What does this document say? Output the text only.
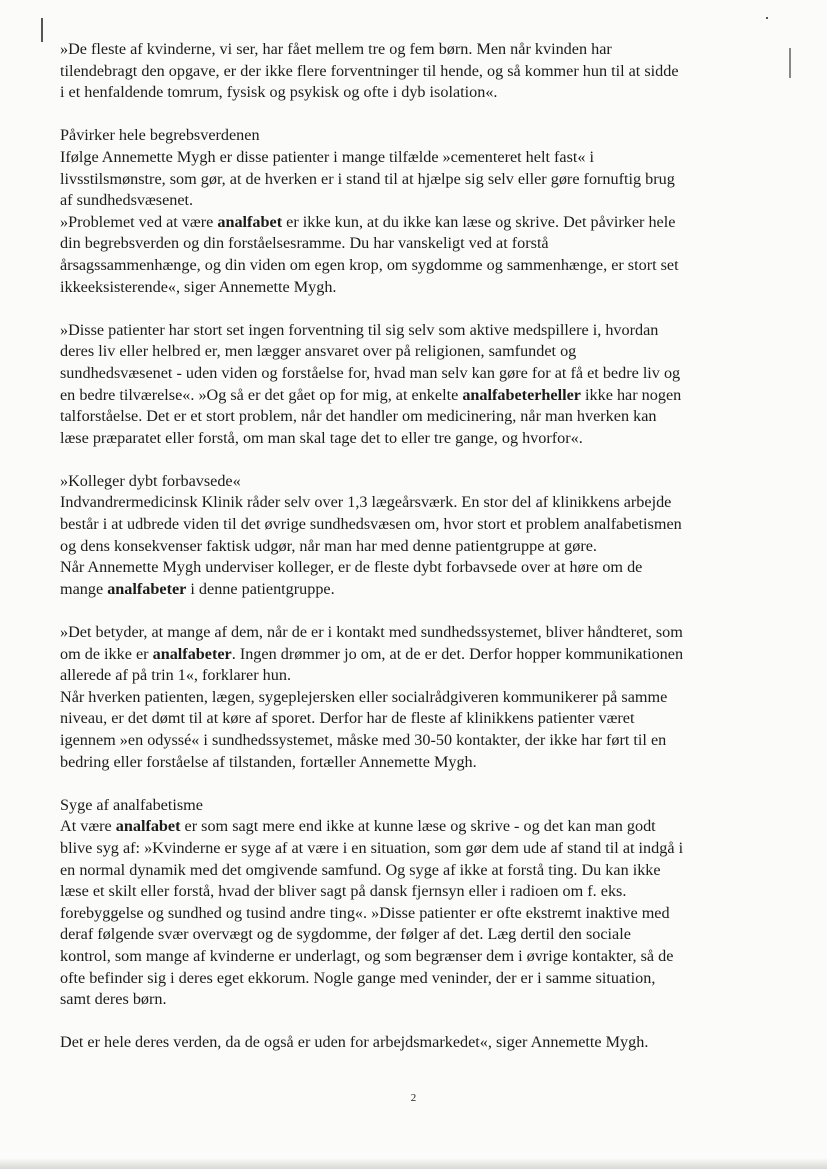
»De fleste af kvinderne, vi ser, har fået mellem tre og fem børn. Men når kvinden har
tilendebragt den opgave, er der ikke flere forventninger til hende, og så kommer hun til at sidde
i et henfaldende tomrum, fysisk og psykisk og ofte i dyb isolation«.
Påvirker hele begrebsverdenen
Ifølge Annemette Mygh er disse patienter i mange tilfælde »cementeret helt fast« i
livsstilsmønstre, som gør, at de hverken er i stand til at hjælpe sig selv eller gøre fornuftig brug
af sundhedsvæsenet.
»Problemet ved at være analfabet er ikke kun, at du ikke kan læse og skrive. Det påvirker hele
din begrebsverden og din forståelsesramme. Du har vanskeligt ved at forstå
årsagssammenhænge, og din viden om egen krop, om sygdomme og sammenhænge, er stort set
ikkeeksisterende«, siger Annemette Mygh.
»Disse patienter har stort set ingen forventning til sig selv som aktive medspillere i, hvordan
deres liv eller helbred er, men lægger ansvaret over på religionen, samfundet og
sundhedsvæsenet - uden viden og forståelse for, hvad man selv kan gøre for at få et bedre liv og
en bedre tilværelse«. »Og så er det gået op for mig, at enkelte analfabeterheller ikke har nogen
talforståelse. Det er et stort problem, når det handler om medicinering, når man hverken kan
læse præparatet eller forstå, om man skal tage det to eller tre gange, og hvorfor«.
»Kolleger dybt forbavsede«
Indvandrermedicinsk Klinik råder selv over 1,3 lægeårsværk. En stor del af klinikkens arbejde
består i at udbrede viden til det øvrige sundhedsvæsen om, hvor stort et problem analfabetismen
og dens konsekvenser faktisk udgør, når man har med denne patientgruppe at gøre.
Når Annemette Mygh underviser kolleger, er de fleste dybt forbavsede over at høre om de
mange analfabeter i denne patientgruppe.
»Det betyder, at mange af dem, når de er i kontakt med sundhedssystemet, bliver håndteret, som
om de ikke er analfabeter. Ingen drømmer jo om, at de er det. Derfor hopper kommunikationen
allerede af på trin 1«, forklarer hun.
Når hverken patienten, lægen, sygeplejersken eller socialrådgiveren kommunikerer på samme
niveau, er det dømt til at køre af sporet. Derfor har de fleste af klinikkens patienter været
igennem »en odyssé« i sundhedssystemet, måske med 30-50 kontakter, der ikke har ført til en
bedring eller forståelse af tilstanden, fortæller Annemette Mygh.
Syge af analfabetisme
At være analfabet er som sagt mere end ikke at kunne læse og skrive - og det kan man godt
blive syg af: »Kvinderne er syge af at være i en situation, som gør dem ude af stand til at indgå i
en normal dynamik med det omgivende samfund. Og syge af ikke at forstå ting. Du kan ikke
læse et skilt eller forstå, hvad der bliver sagt på dansk fjernsyn eller i radioen om f. eks.
forebyggelse og sundhed og tusind andre ting«. »Disse patienter er ofte ekstremt inaktive med
deraf følgende svær overvægt og de sygdomme, der følger af det. Læg dertil den sociale
kontrol, som mange af kvinderne er underlagt, og som begrænser dem i øvrige kontakter, så de
ofte befinder sig i deres eget ekkorum. Nogle gange med veninder, der er i samme situation,
samt deres børn.
Det er hele deres verden, da de også er uden for arbejdsmarkedet«, siger Annemette Mygh.
2
